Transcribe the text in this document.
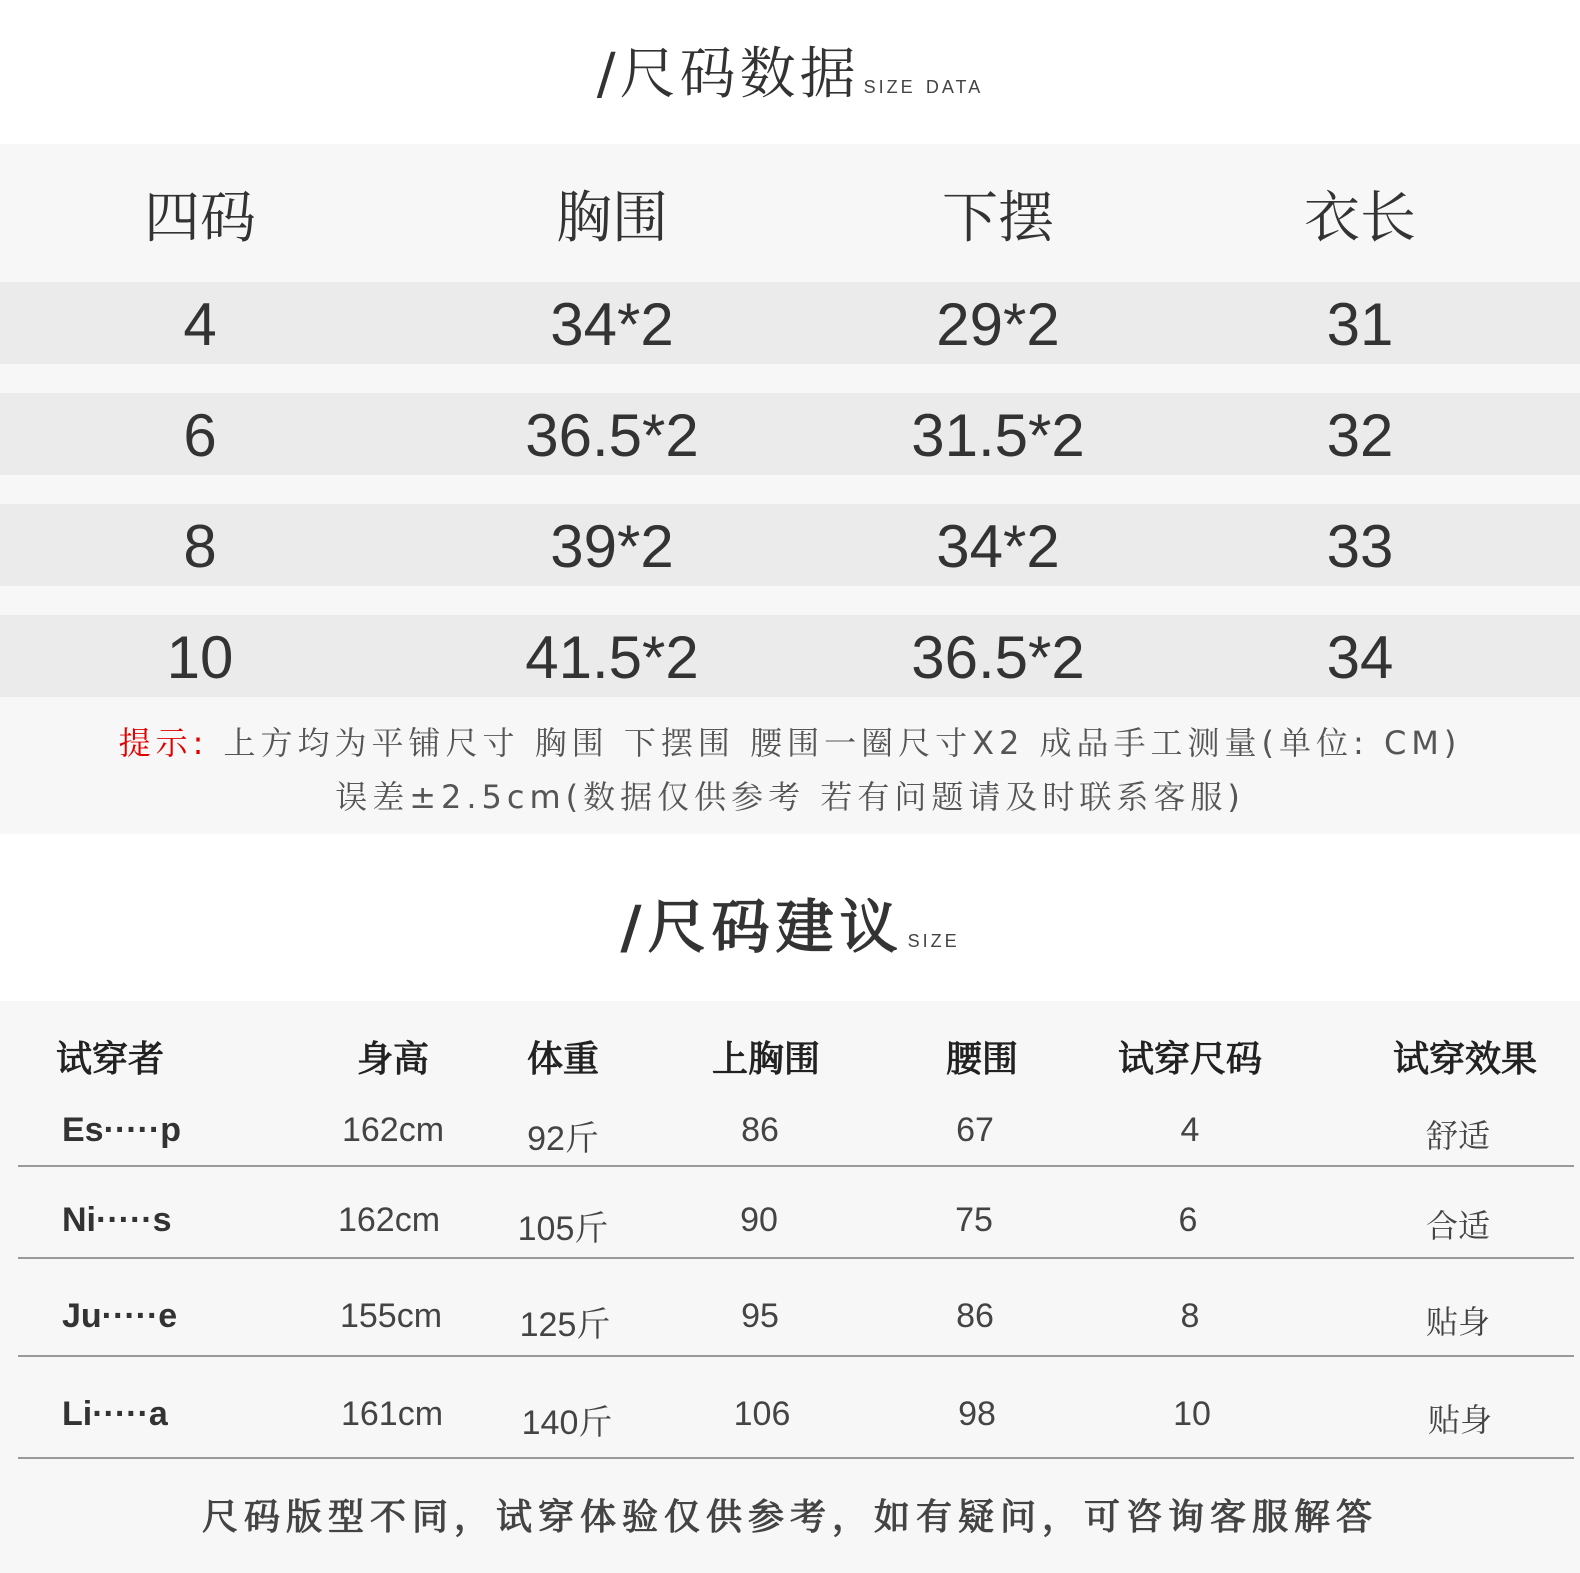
/尺码数据 size data
四码	胸围	下摆	衣长
4	34*2	29*2	31
6	36.5*2	31.5*2	32
8	39*2	34*2	33
10	41.5*2	36.5*2	34
提示: 上方均为平铺尺寸 胸围 下摆围 腰围一圈尺寸X2 成品手工测量(单位: CM)
误差±2.5cm(数据仅供参考 若有问题请及时联系客服)
/尺码建议 size
试穿者	身高	体重	上胸围	腰围	试穿尺码	试穿效果
Es·····p	162cm 92斤	86	67	4	舒适
Ni·····s	162cm 105斤	90	75	6	合适
Ju·····e	155cm 125斤	95	86	8	贴身
Li·····a	161cm 140斤	106	98	10	贴身
尺码版型不同，试穿体验仅供参考，如有疑问，可咨询客服解答
